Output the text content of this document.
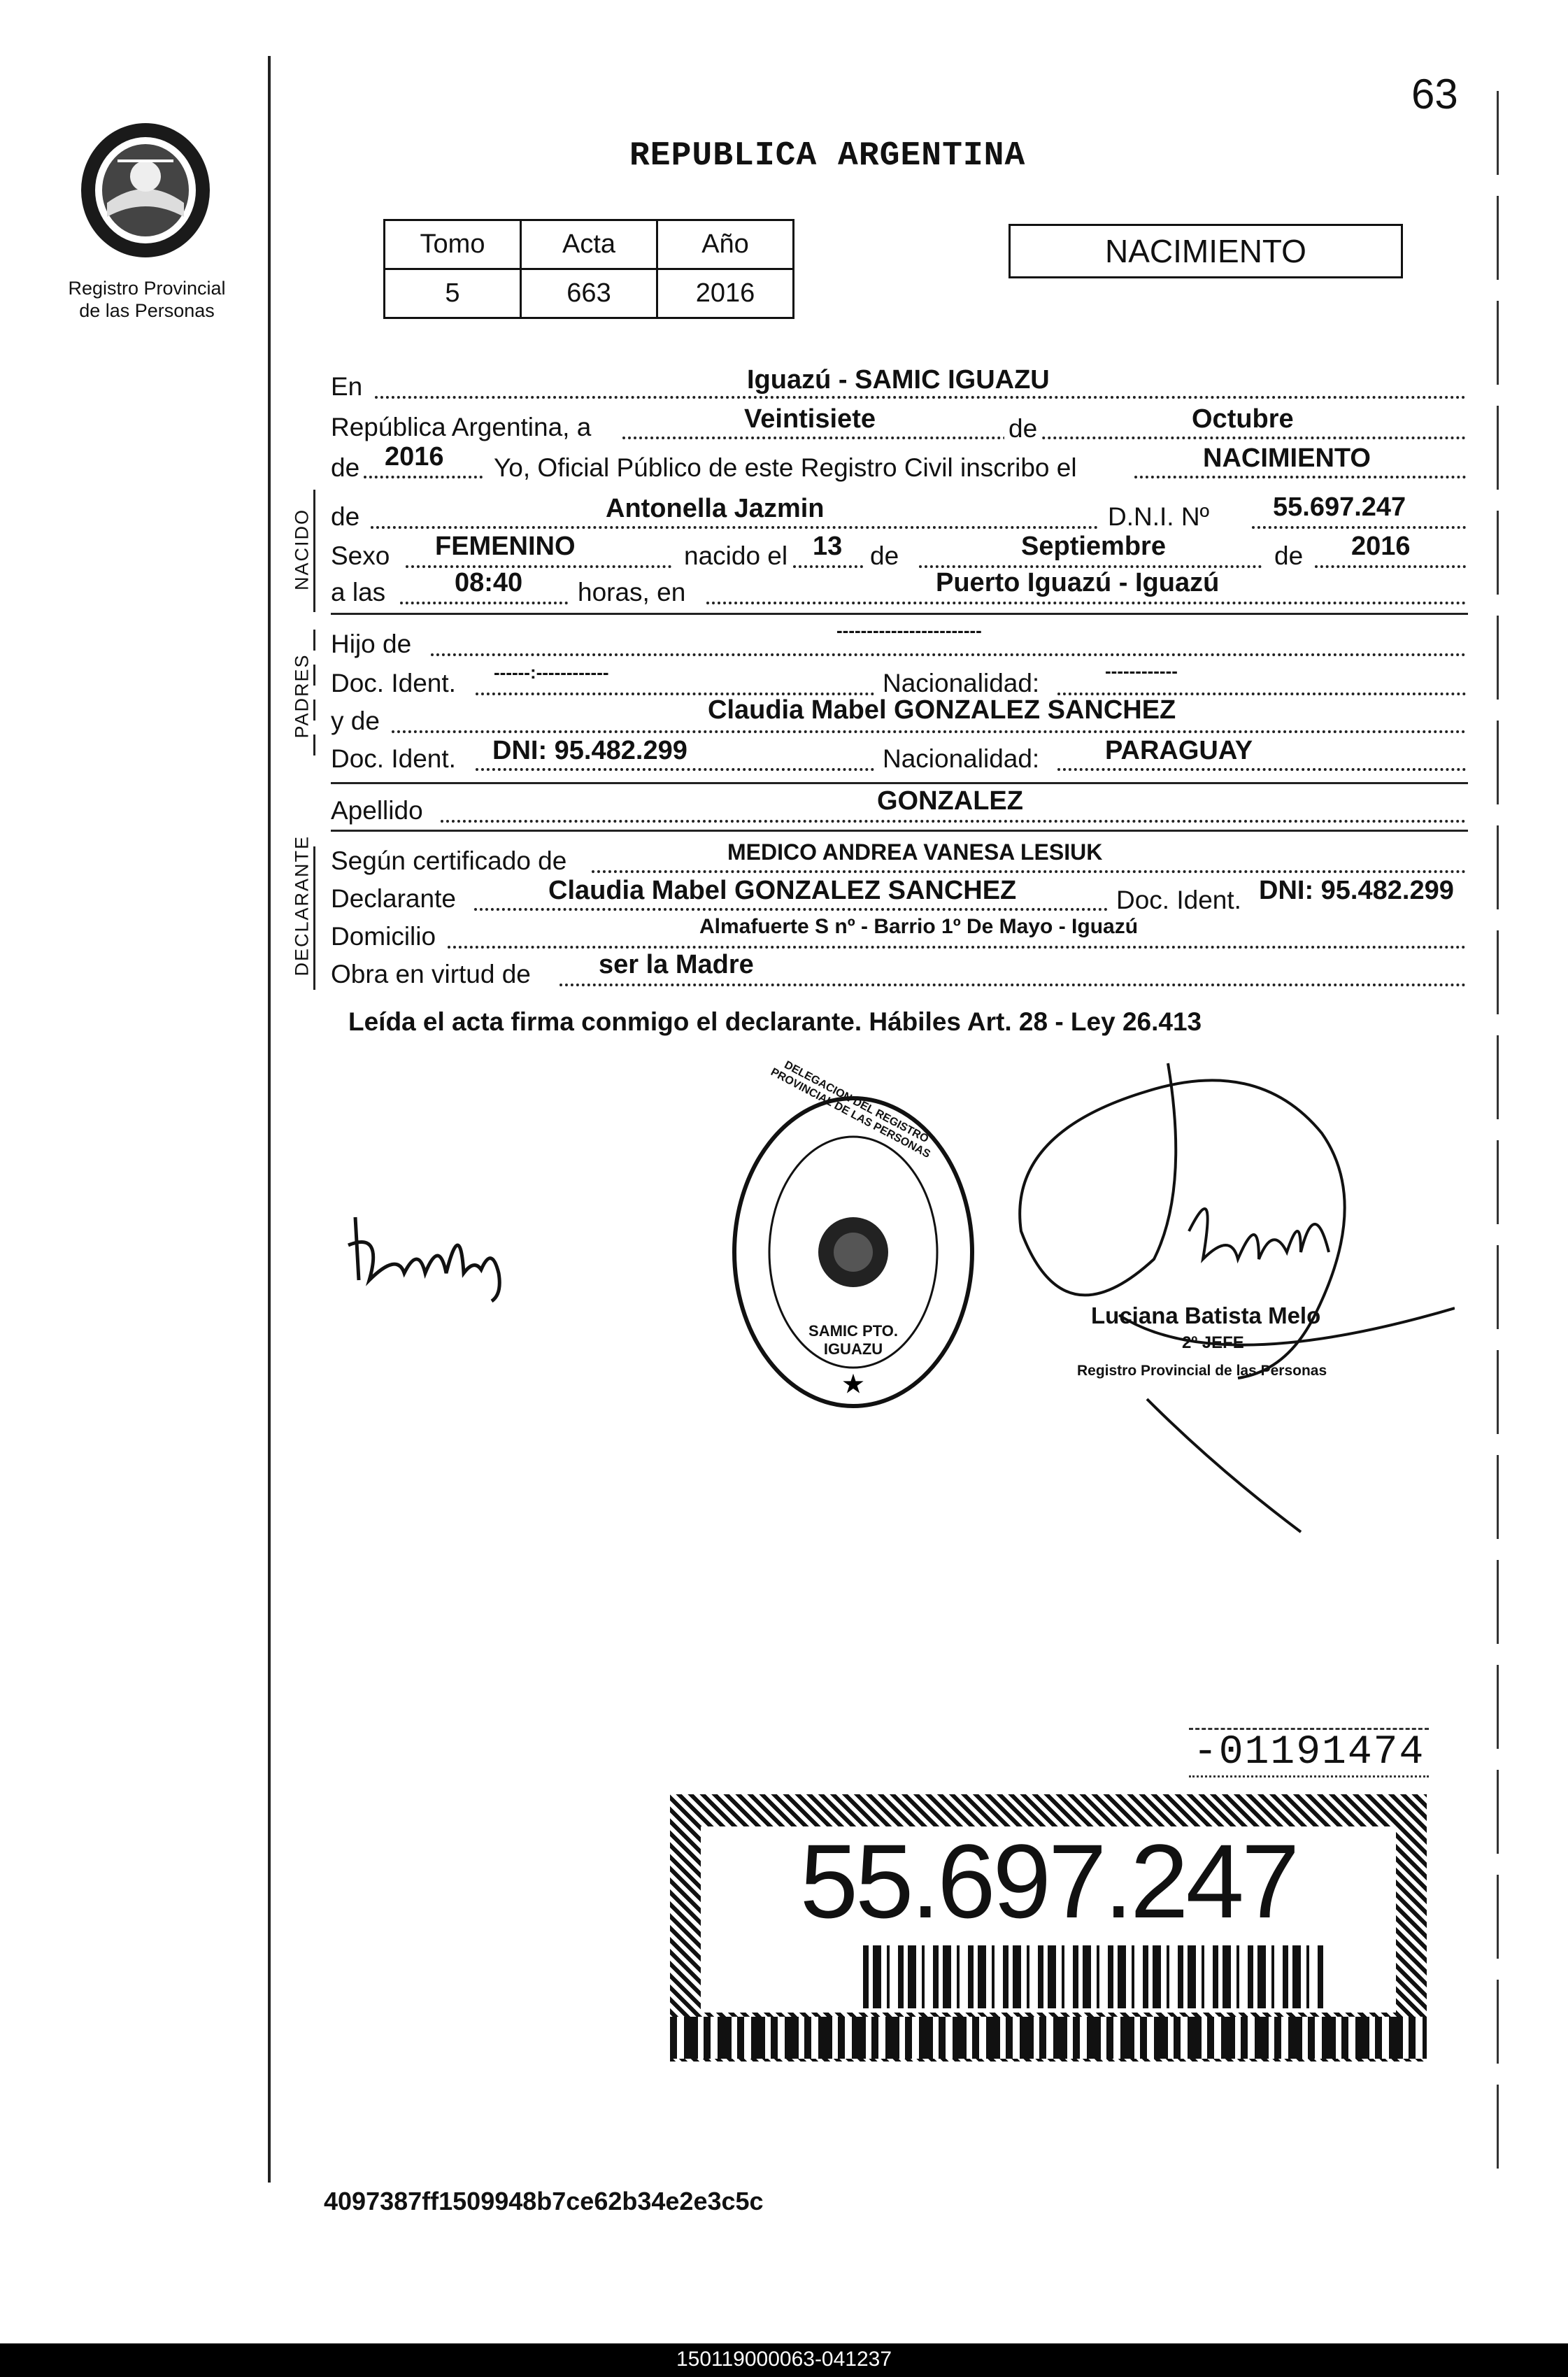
63
Registro Provincial
de las Personas
REPUBLICA ARGENTINA
Tomo	Acta	Año
5	663	2016
NACIMIENTO
En	Iguazú - SAMIC IGUAZU
República Argentina, a	Veintisiete	de	Octubre
de 2016 Yo, Oficial Público de este Registro Civil inscribo el	NACIMIENTO
NACIDO de	Antonella Jazmin	D.N.I. Nº 55.697.247
Sexo FEMENINO	nacido el 13 de	Septiembre	de 2016
a las	08:40 horas, en	Puerto Iguazú - Iguazú
PADRES
Hijo de	------------------------
Doc. Ident. ------:------------	Nacionalidad:	------------
y de	Claudia Mabel GONZALEZ SANCHEZ
Doc. Ident. DNI: 95.482.299	Nacionalidad: PARAGUAY
Apellido	GONZALEZ
DECLARANTE Según certificado de	MEDICO ANDREA VANESA LESIUK
Declarante	Claudia Mabel GONZALEZ SANCHEZ	Doc. Ident. DNI: 95.482.299
Domicilio	Almafuerte S nº - Barrio 1º De Mayo - Iguazú
Obra en virtud de	ser la Madre
Leída el acta firma conmigo el declarante. Hábiles Art. 28 - Ley 26.413
★
DELEGACION DEL REGISTRO PROVINCIAL DE LAS PERSONAS
SAMIC PTO. IGUAZU
Luciana Batista Melo
2º JEFE
Registro Provincial de las Personas
-01191474
55.697.247
4097387ff1509948b7ce62b34e2e3c5c
150119000063-041237
